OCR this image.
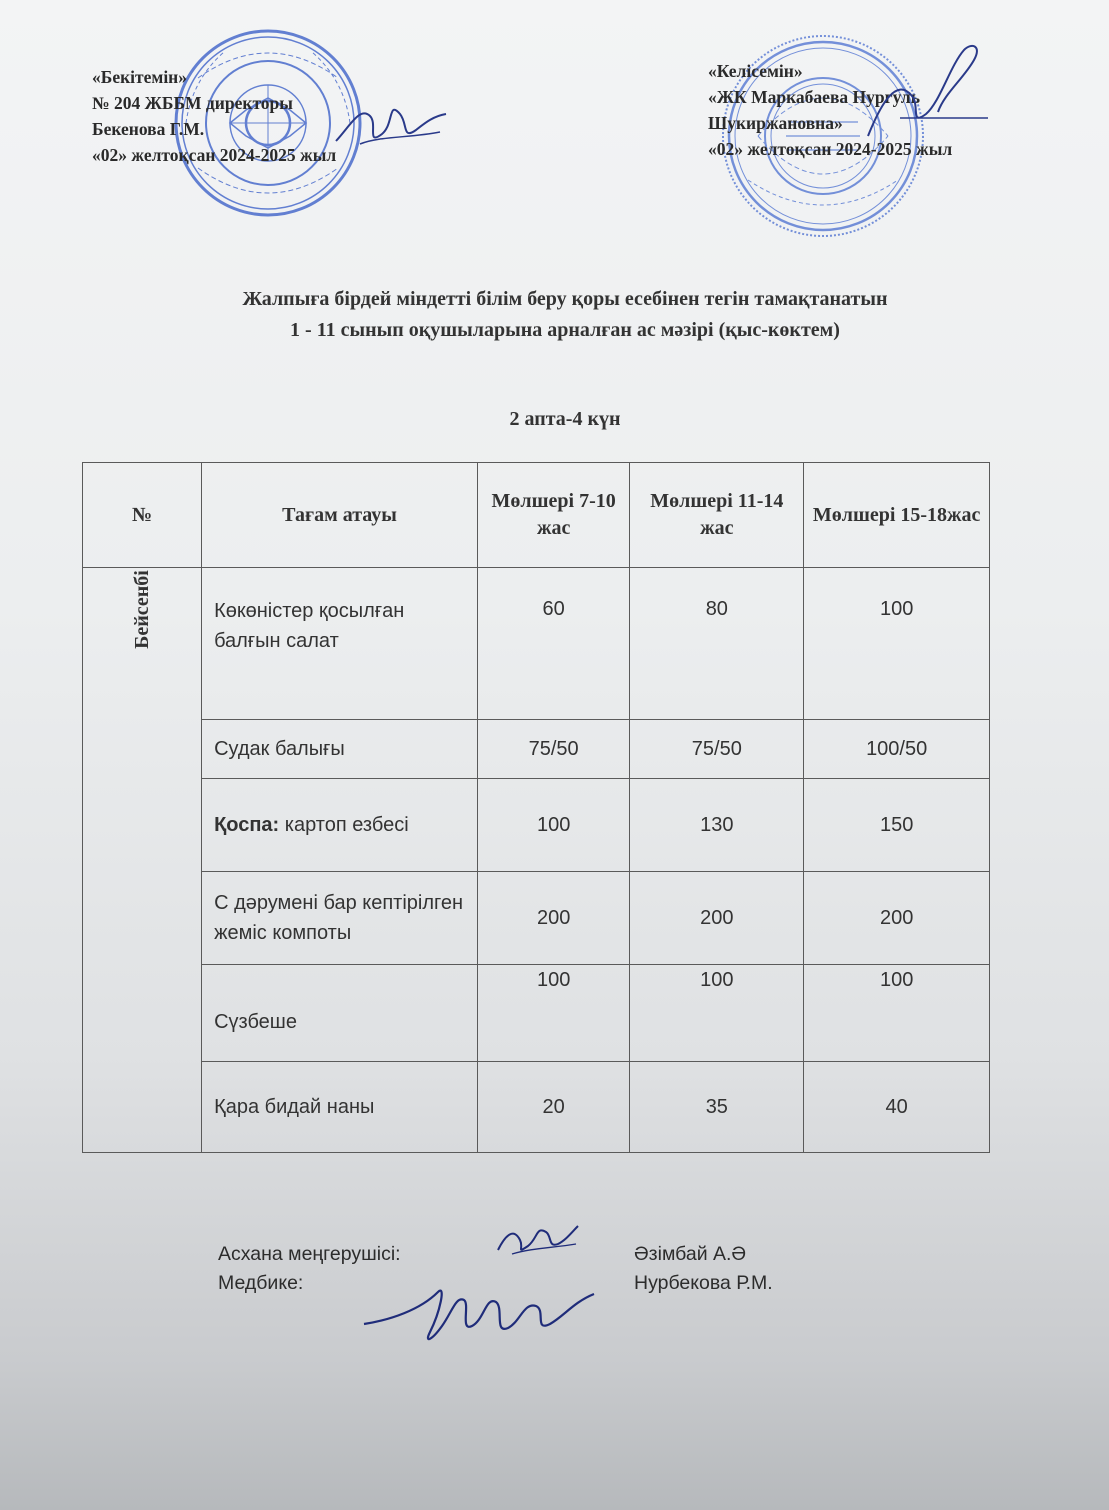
«Бекітемін»
№ 204 ЖББМ директоры
Бекенова Г.М.
«02» желтоқсан 2024-2025 жыл
«Келісемін»
«ЖК Маркабаева Нургуль
Шукиржановна»
«02» желтоқсан 2024-2025 жыл
Жалпыға бірдей міндетті білім беру қоры есебінен тегін тамақтанатын
1 - 11 сынып оқушыларына арналған ас мәзірі (қыс-көктем)
2 апта-4 күн
№	Тағам атауы	Мөлшері 7-10 жас	Мөлшері 11-14 жас	Мөлшері 15-18жас
Бейсенбі	Көкөністер қосылған балғын салат	60	80	100
	Судак балығы	75/50	75/50	100/50
	Қоспа: картоп езбесі	100	130	150
	С дәрумені бар кептірілген жеміс компоты	200	200	200
	Сүзбеше	100	100	100
	Қара бидай наны	20	35	40
Асхана меңгерушісі:
Медбике:
Әзімбай А.Ә
Нурбекова Р.М.
